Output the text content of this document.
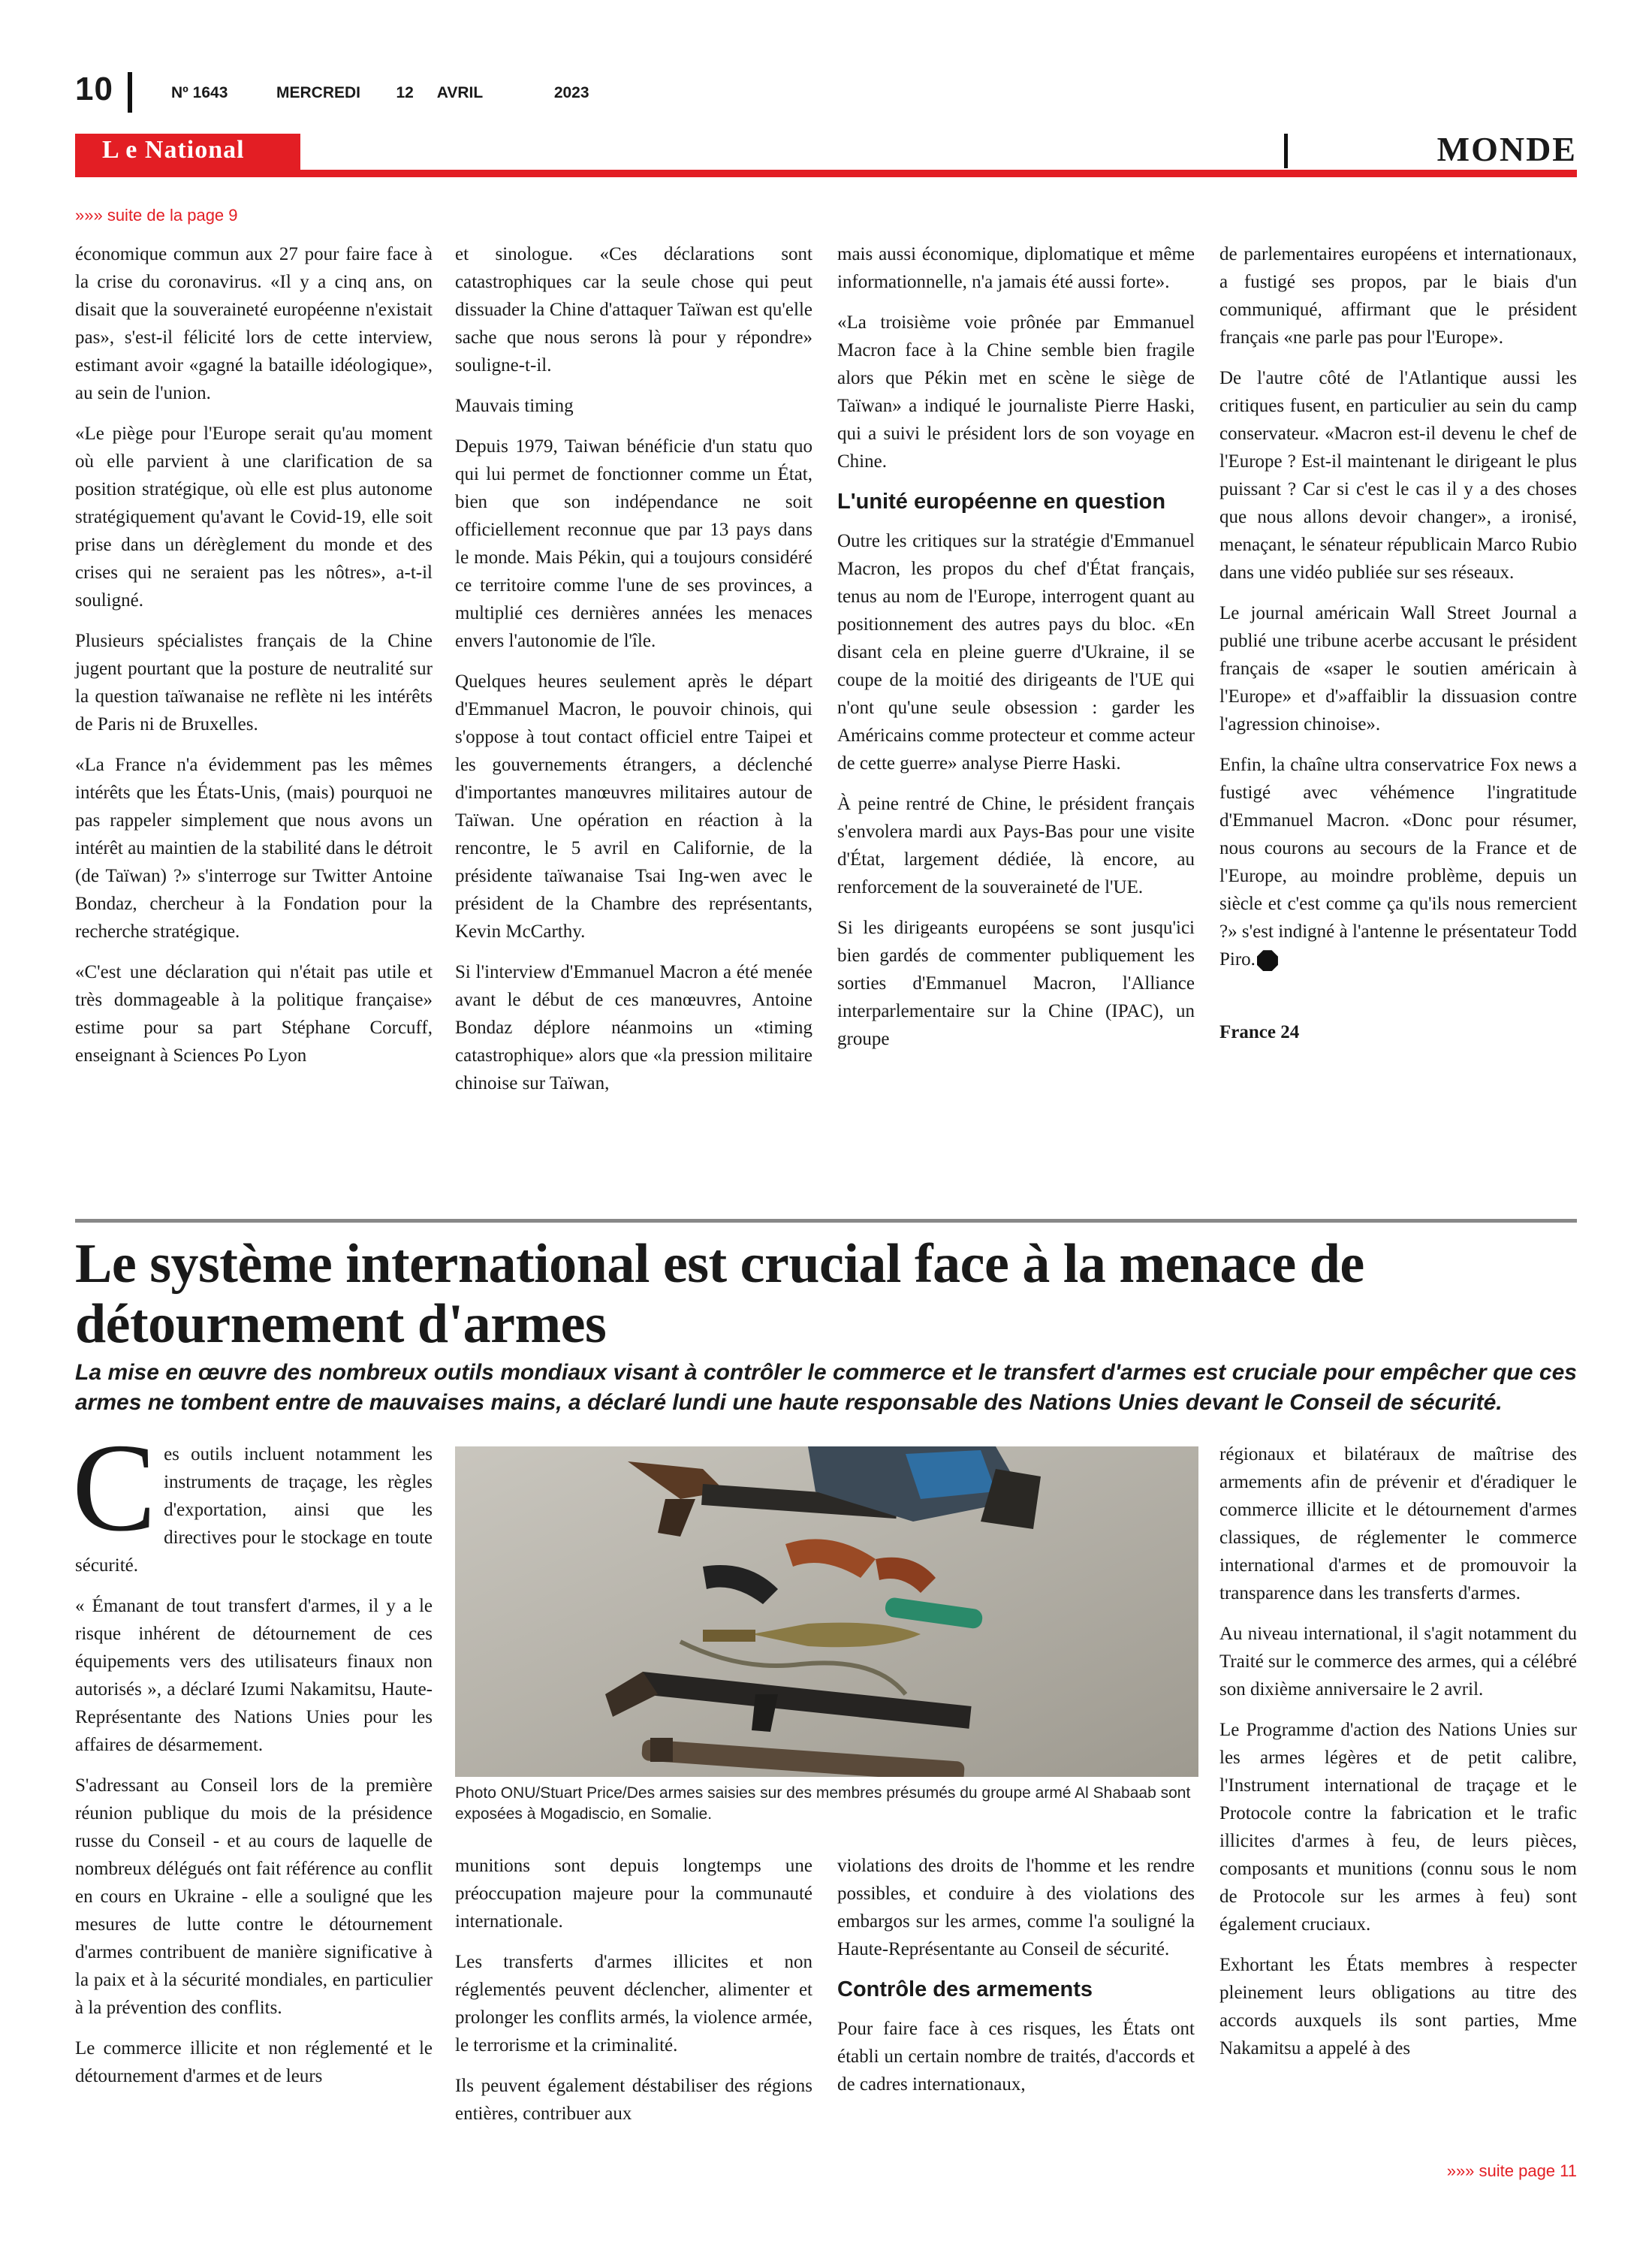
10	Nº 1643	MERCREDI   12  AVRIL      2023
L e National	MONDE
»»» suite de la page 9

économique commun aux 27 pour faire face à la crise du coronavirus. «Il y a cinq ans, on disait que la souveraineté européenne n'existait pas», s'est-il félicité lors de cette interview, estimant avoir «gagné la bataille idéologique», au sein de l'union.

«Le piège pour l'Europe serait qu'au moment où elle parvient à une clarification de sa position stratégique, où elle est plus autonome stratégiquement qu'avant le Covid-19, elle soit prise dans un dérèglement du monde et des crises qui ne seraient pas les nôtres», a-t-il souligné.

Plusieurs spécialistes français de la Chine jugent pourtant que la posture de neutralité sur la question taïwanaise ne reflète ni les intérêts de Paris ni de Bruxelles.

«La France n'a évidemment pas les mêmes intérêts que les États-Unis, (mais) pourquoi ne pas rappeler simplement que nous avons un intérêt au maintien de la stabilité dans le détroit (de Taïwan) ?» s'interroge sur Twitter Antoine Bondaz, chercheur à la Fondation pour la recherche stratégique.

«C'est une déclaration qui n'était pas utile et très dommageable à la politique française» estime pour sa part Stéphane Corcuff, enseignant à Sciences Po Lyon

et sinologue. «Ces déclarations sont catastrophiques car la seule chose qui peut dissuader la Chine d'attaquer Taïwan est qu'elle sache que nous serons là pour y répondre» souligne-t-il.

Mauvais timing

Depuis 1979, Taiwan bénéficie d'un statu quo qui lui permet de fonctionner comme un État, bien que son indépendance ne soit officiellement reconnue que par 13 pays dans le monde. Mais Pékin, qui a toujours considéré ce territoire comme l'une de ses provinces, a multiplié ces dernières années les menaces envers l'autonomie de l'île.

Quelques heures seulement après le départ d'Emmanuel Macron, le pouvoir chinois, qui s'oppose à tout contact officiel entre Taipei et les gouvernements étrangers, a déclenché d'importantes manœuvres militaires autour de Taïwan. Une opération en réaction à la rencontre, le 5 avril en Californie, de la présidente taïwanaise Tsai Ing-wen avec le président de la Chambre des représentants, Kevin McCarthy.

Si l'interview d'Emmanuel Macron a été menée avant le début de ces manœuvres, Antoine Bondaz déplore néanmoins un «timing catastrophique» alors que «la pression militaire chinoise sur Taïwan,

mais aussi économique, diplomatique et même informationnelle, n'a jamais été aussi forte».

«La troisième voie prônée par Emmanuel Macron face à la Chine semble bien fragile alors que Pékin met en scène le siège de Taïwan» a indiqué le journaliste Pierre Haski, qui a suivi le président lors de son voyage en Chine.

L'unité européenne en question

Outre les critiques sur la stratégie d'Emmanuel Macron, les propos du chef d'État français, tenus au nom de l'Europe, interrogent quant au positionnement des autres pays du bloc. «En disant cela en pleine guerre d'Ukraine, il se coupe de la moitié des dirigeants de l'UE qui n'ont qu'une seule obsession : garder les Américains comme protecteur et comme acteur de cette guerre» analyse Pierre Haski.

À peine rentré de Chine, le président français s'envolera mardi aux Pays-Bas pour une visite d'État, largement dédiée, là encore, au renforcement de la souveraineté de l'UE.

Si les dirigeants européens se sont jusqu'ici bien gardés de commenter publiquement les sorties d'Emmanuel Macron, l'Alliance interparlementaire sur la Chine (IPAC), un groupe

de parlementaires européens et internationaux, a fustigé ses propos, par le biais d'un communiqué, affirmant que le président français «ne parle pas pour l'Europe».

De l'autre côté de l'Atlantique aussi les critiques fusent, en particulier au sein du camp conservateur. «Macron est-il devenu le chef de l'Europe ? Est-il maintenant le dirigeant le plus puissant ? Car si c'est le cas il y a des choses que nous allons devoir changer», a ironisé, menaçant, le sénateur républicain Marco Rubio dans une vidéo publiée sur ses réseaux.

Le journal américain Wall Street Journal a publié une tribune acerbe accusant le président français de «saper le soutien américain à l'Europe» et d'»affaiblir la dissuasion contre l'agression chinoise».

Enfin, la chaîne ultra conservatrice Fox news a fustigé avec véhémence l'ingratitude d'Emmanuel Macron. «Donc pour résumer, nous courons au secours de la France et de l'Europe, au moindre problème, depuis un siècle et c'est comme ça qu'ils nous remercient ?» s'est indigné à l'antenne le présentateur Todd Piro.

France 24

Le système international est crucial face à la menace de détournement d'armes
La mise en œuvre des nombreux outils mondiaux visant à contrôler le commerce et le transfert d'armes est cruciale pour empêcher que ces armes ne tombent entre de mauvaises mains, a déclaré lundi une haute responsable des Nations Unies devant le Conseil de sécurité.

Ces outils incluent notamment les instruments de traçage, les règles d'exportation, ainsi que les directives pour le stockage en toute sécurité.

« Émanant de tout transfert d'armes, il y a le risque inhérent de détournement de ces équipements vers des utilisateurs finaux non autorisés », a déclaré Izumi Nakamitsu, Haute-Représentante des Nations Unies pour les affaires de désarmement.

S'adressant au Conseil lors de la première réunion publique du mois de la présidence russe du Conseil - et au cours de laquelle de nombreux délégués ont fait référence au conflit en cours en Ukraine - elle a souligné que les mesures de lutte contre le détournement d'armes contribuent de manière significative à la paix et à la sécurité mondiales, en particulier à la prévention des conflits.

Le commerce illicite et non réglementé et le détournement d'armes et de leurs

Photo ONU/Stuart Price/Des armes saisies sur des membres présumés du groupe armé Al Shabaab sont exposées à Mogadiscio, en Somalie.

munitions sont depuis longtemps une préoccupation majeure pour la communauté internationale.

Les transferts d'armes illicites et non réglementés peuvent déclencher, alimenter et prolonger les conflits armés, la violence armée, le terrorisme et la criminalité.

Ils peuvent également déstabiliser des régions entières, contribuer aux

violations des droits de l'homme et les rendre possibles, et conduire à des violations des embargos sur les armes, comme l'a souligné la Haute-Représentante au Conseil de sécurité.

Contrôle des armements

Pour faire face à ces risques, les États ont établi un certain nombre de traités, d'accords et de cadres internationaux,

régionaux et bilatéraux de maîtrise des armements afin de prévenir et d'éradiquer le commerce illicite et le détournement d'armes classiques, de réglementer le commerce international d'armes et de promouvoir la transparence dans les transferts d'armes.

Au niveau international, il s'agit notamment du Traité sur le commerce des armes, qui a célébré son dixième anniversaire le 2 avril.

Le Programme d'action des Nations Unies sur les armes légères et de petit calibre, l'Instrument international de traçage et le Protocole contre la fabrication et le trafic illicites d'armes à feu, de leurs pièces, composants et munitions (connu sous le nom de Protocole sur les armes à feu) sont également cruciaux.

Exhortant les États membres à respecter pleinement leurs obligations au titre des accords auxquels ils sont parties, Mme Nakamitsu a appelé à des

»»» suite page 11
